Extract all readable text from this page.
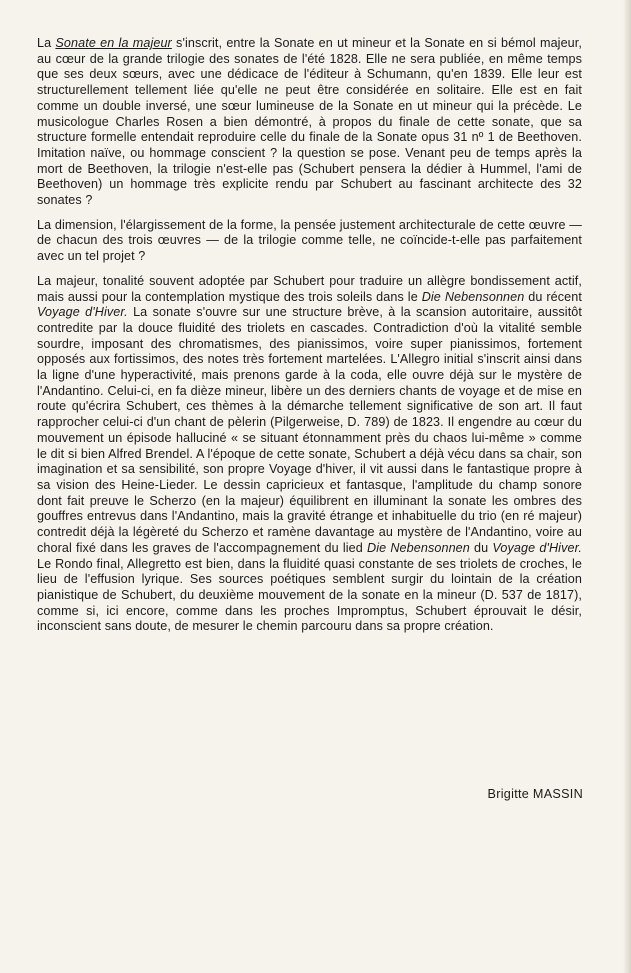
La Sonate en la majeur s'inscrit, entre la Sonate en ut mineur et la Sonate en si bémol majeur, au cœur de la grande trilogie des sonates de l'été 1828. Elle ne sera publiée, en même temps que ses deux sœurs, avec une dédicace de l'éditeur à Schumann, qu'en 1839. Elle leur est structurellement tellement liée qu'elle ne peut être considérée en solitaire. Elle est en fait comme un double inversé, une sœur lumineuse de la Sonate en ut mineur qui la précède. Le musicologue Charles Rosen a bien démontré, à propos du finale de cette sonate, que sa structure formelle entendait reproduire celle du finale de la Sonate opus 31 nº 1 de Beethoven. Imitation naïve, ou hommage conscient ? la question se pose. Venant peu de temps après la mort de Beethoven, la trilogie n'est-elle pas (Schubert pensera la dédier à Hummel, l'ami de Beethoven) un hommage très explicite rendu par Schubert au fascinant architecte des 32 sonates ?

La dimension, l'élargissement de la forme, la pensée justement architecturale de cette œuvre — de chacun des trois œuvres — de la trilogie comme telle, ne coïncide-t-elle pas parfaitement avec un tel projet ?

La majeur, tonalité souvent adoptée par Schubert pour traduire un allègre bondissement actif, mais aussi pour la contemplation mystique des trois soleils dans le Die Nebensonnen du récent Voyage d'Hiver. La sonate s'ouvre sur une structure brève, à la scansion autoritaire, aussitôt contredite par la douce fluidité des triolets en cascades. Contradiction d'où la vitalité semble sourdre, imposant des chromatismes, des pianissimos, voire super pianissimos, fortement opposés aux fortissimos, des notes très fortement martelées. L'Allegro initial s'inscrit ainsi dans la ligne d'une hyperactivité, mais prenons garde à la coda, elle ouvre déjà sur le mystère de l'Andantino. Celui-ci, en fa dièze mineur, libère un des derniers chants de voyage et de mise en route qu'écrira Schubert, ces thèmes à la démarche tellement significative de son art. Il faut rapprocher celui-ci d'un chant de pèlerin (Pilgerweise, D. 789) de 1823. Il engendre au cœur du mouvement un épisode halluciné « se situant étonnamment près du chaos lui-même » comme le dit si bien Alfred Brendel. A l'époque de cette sonate, Schubert a déjà vécu dans sa chair, son imagination et sa sensibilité, son propre Voyage d'hiver, il vit aussi dans le fantastique propre à sa vision des Heine-Lieder. Le dessin capricieux et fantasque, l'amplitude du champ sonore dont fait preuve le Scherzo (en la majeur) équilibrent en illuminant la sonate les ombres des gouffres entrevus dans l'Andantino, mais la gravité étrange et inhabituelle du trio (en ré majeur) contredit déjà la légèreté du Scherzo et ramène davantage au mystère de l'Andantino, voire au choral fixé dans les graves de l'accompagnement du lied Die Nebensonnen du Voyage d'Hiver. Le Rondo final, Allegretto est bien, dans la fluidité quasi constante de ses triolets de croches, le lieu de l'effusion lyrique. Ses sources poétiques semblent surgir du lointain de la création pianistique de Schubert, du deuxième mouvement de la sonate en la mineur (D. 537 de 1817), comme si, ici encore, comme dans les proches Impromptus, Schubert éprouvait le désir, inconscient sans doute, de mesurer le chemin parcouru dans sa propre création.

Brigitte MASSIN
